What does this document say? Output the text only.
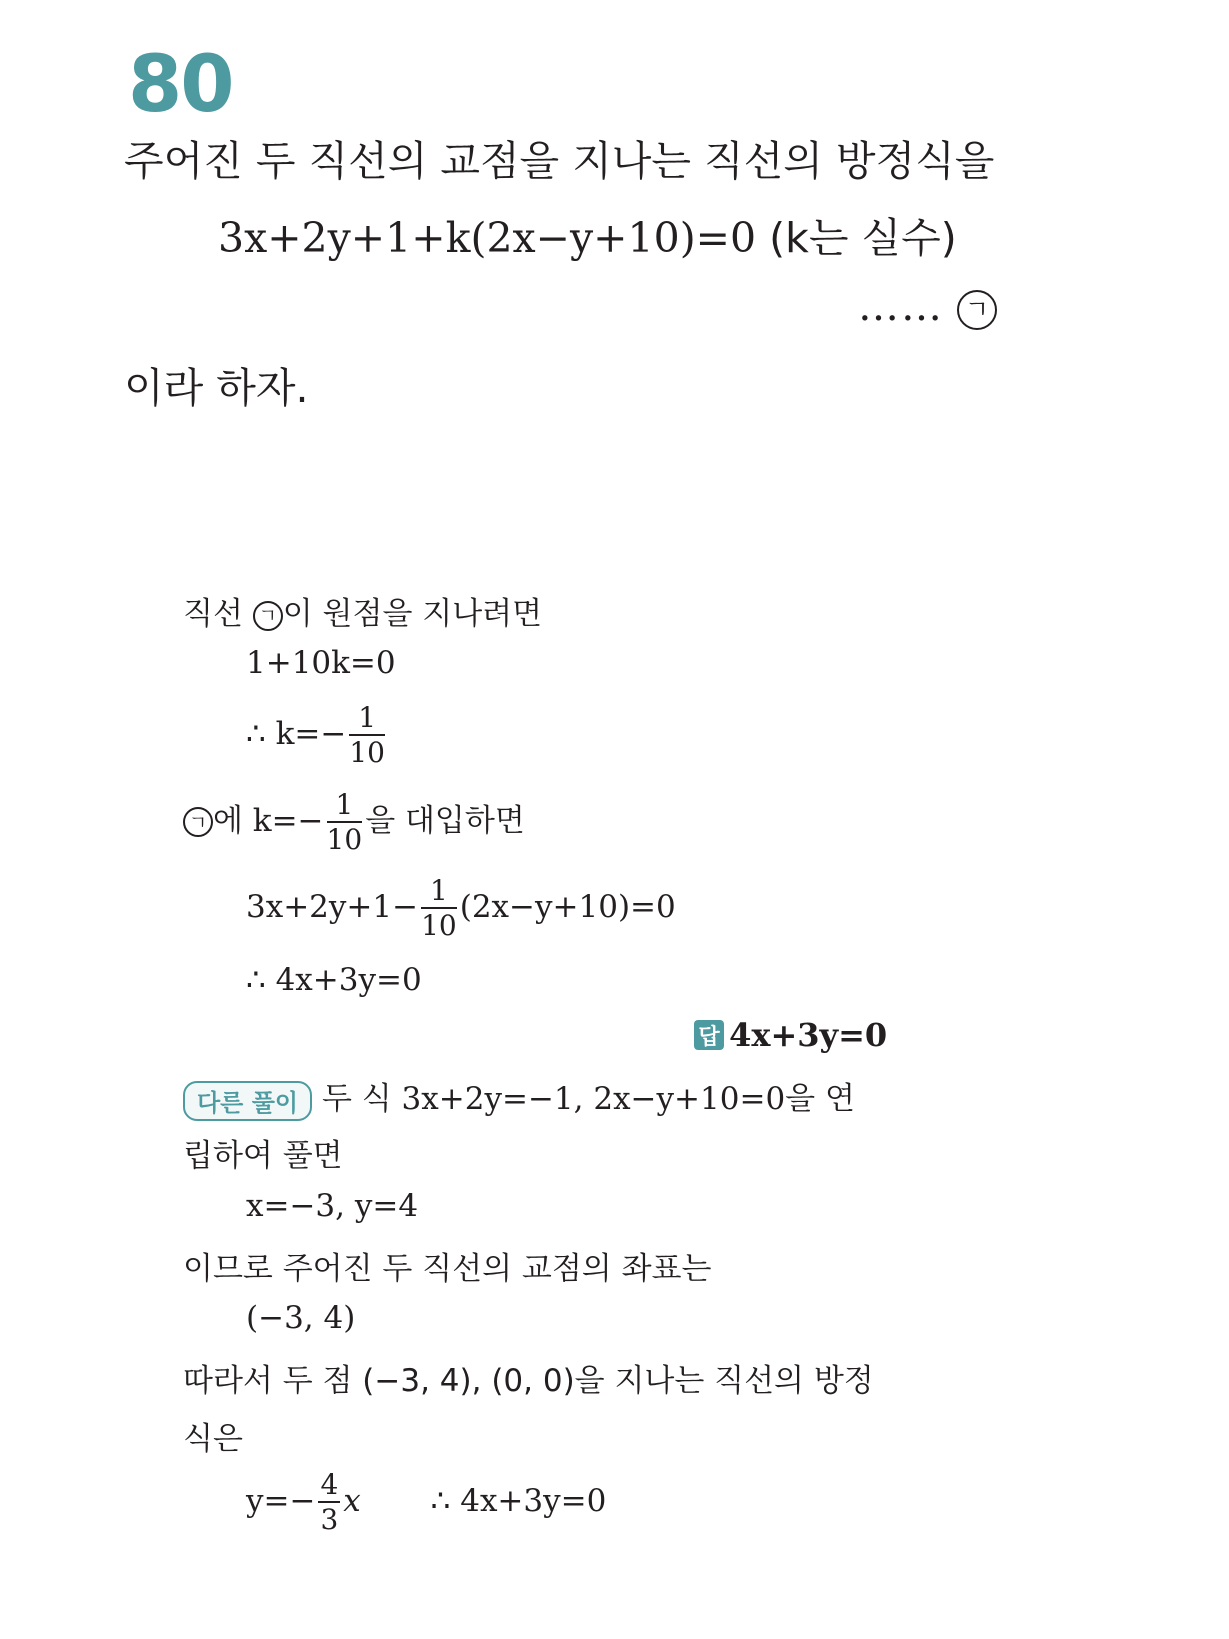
80
주어진 두 직선의 교점을 지나는 직선의 방정식을
3x+2y+1+k(2x−y+10)=0 (k는 실수)
…… ㄱ
이라 하자.
직선 ㄱ 이 원점을 지나려면
1+10k=0
∴ $k=- \frac{1}{10}$
ㄱ 에 $k=- \frac{1}{10}$ 을 대입하면
$3x+2y+1- \frac{1}{10} (2x-y+10)=0$
∴ 4x+3y=0
답 4x+3y=0
다른 풀이 두 식 3x+2y=−1, 2x−y+10=0을 연
립하여 풀면
x=−3, y=4
이므로 주어진 두 직선의 교점의 좌표는
(−3, 4)
따라서 두 점 (−3, 4), (0, 0)을 지나는 직선의 방정
식은
$y=- \frac{4}{3}$ x ∴ 4x+3y=0
